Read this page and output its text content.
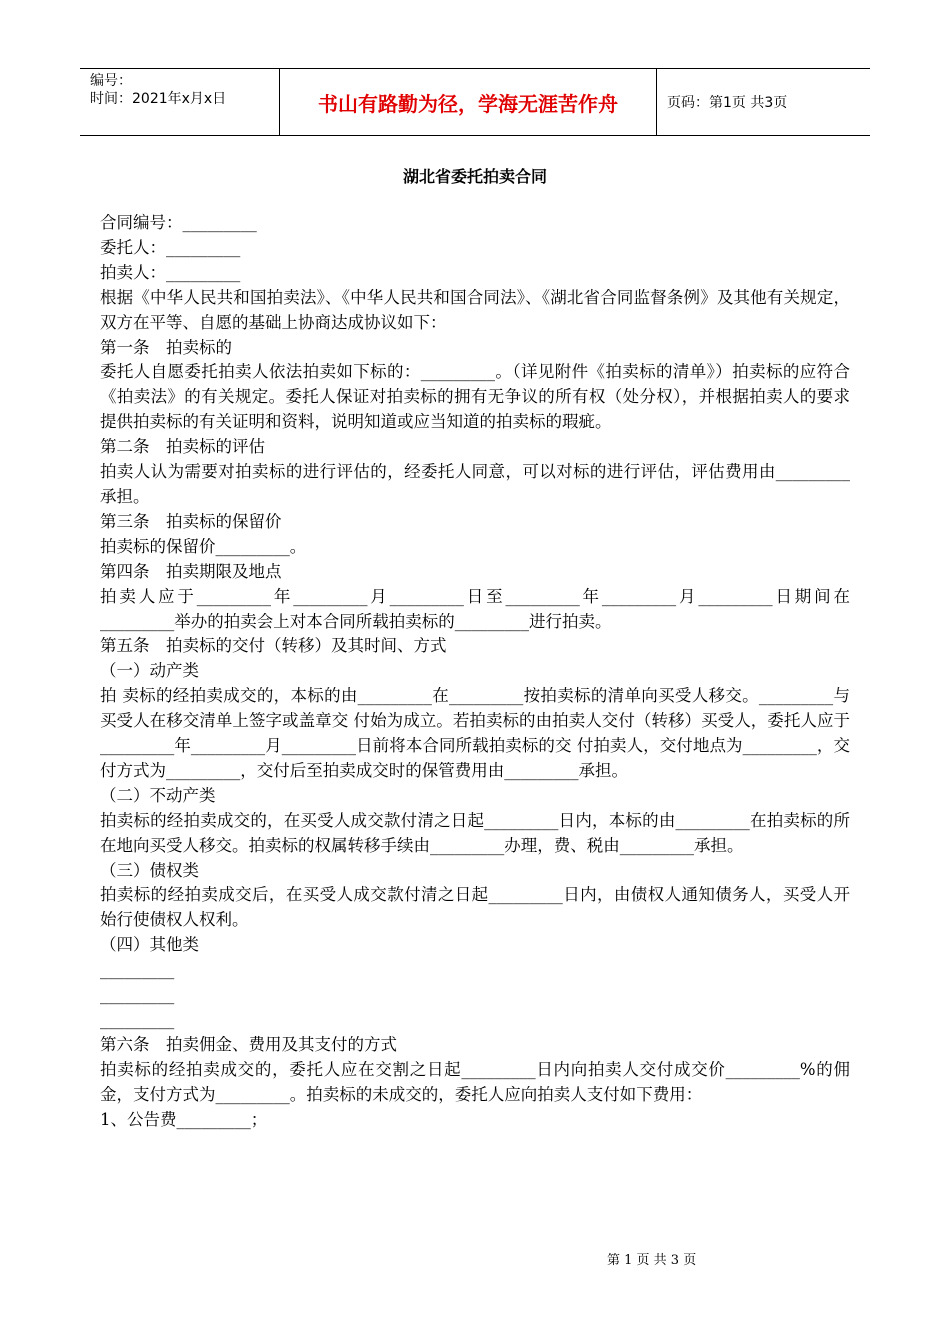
编号：
时间：2021年x月x日	书山有路勤为径，学海无涯苦作舟	页码：第1页 共3页
湖北省委托拍卖合同

合同编号：_________

委托人：_________

拍卖人：_________

根据《中华人民共和国拍卖法》、《中华人民共和国合同法》、《湖北省合同监督条例》及其他有关规定，双方在平等、自愿的基础上协商达成协议如下：

第一条　拍卖标的

委托人自愿委托拍卖人依法拍卖如下标的：_________。（详见附件《拍卖标的清单》）拍卖标的应符合《拍卖法》的有关规定。委托人保证对拍卖标的拥有无争议的所有权（处分权），并根据拍卖人的要求提供拍卖标的有关证明和资料，说明知道或应当知道的拍卖标的瑕疵。

第二条　拍卖标的评估

拍卖人认为需要对拍卖标的进行评估的，经委托人同意，可以对标的进行评估，评估费用由_________承担。

第三条　拍卖标的保留价

拍卖标的保留价_________。

第四条　拍卖期限及地点

拍卖人应于_________年_________月_________日至_________年_________月_________日期间在_________举办的拍卖会上对本合同所载拍卖标的_________进行拍卖。

第五条　拍卖标的交付（转移）及其时间、方式

（一）动产类

拍 卖标的经拍卖成交的，本标的由_________在_________按拍卖标的清单向买受人移交。_________与买受人在移交清单上签字或盖章交 付始为成立。若拍卖标的由拍卖人交付（转移）买受人，委托人应于_________年_________月_________日前将本合同所载拍卖标的交 付拍卖人，交付地点为_________，交付方式为_________，交付后至拍卖成交时的保管费用由_________承担。

（二）不动产类

拍卖标的经拍卖成交的，在买受人成交款付清之日起_________日内，本标的由_________在拍卖标的所在地向买受人移交。拍卖标的权属转移手续由_________办理，费、税由_________承担。

（三）债权类

拍卖标的经拍卖成交后，在买受人成交款付清之日起_________日内，由债权人通知债务人，买受人开始行使债权人权利。

（四）其他类

_________

_________

_________

第六条　拍卖佣金、费用及其支付的方式

拍卖标的经拍卖成交的，委托人应在交割之日起_________日内向拍卖人交付成交价_________%的佣金，支付方式为_________。拍卖标的未成交的，委托人应向拍卖人支付如下费用：

1、公告费_________；

第 1 页 共 3 页
